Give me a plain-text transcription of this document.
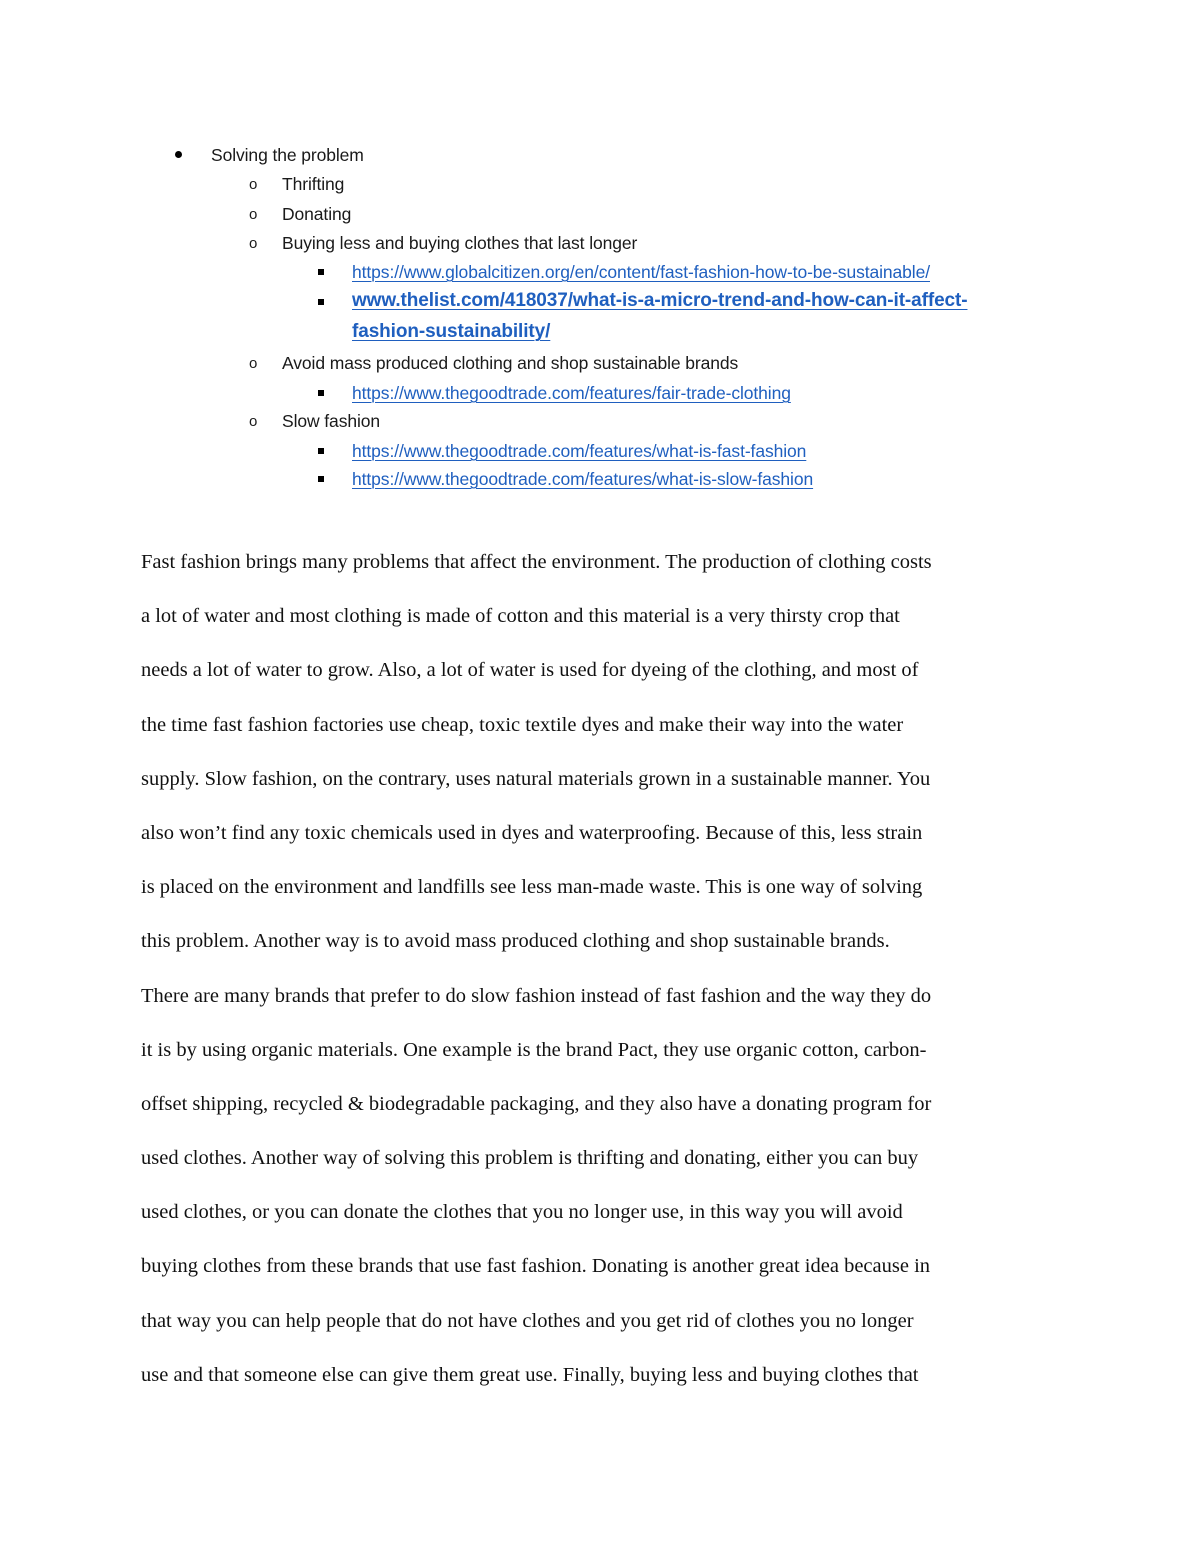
Solving the problem
o Thrifting
o Donating
o Buying less and buying clothes that last longer
https://www.globalcitizen.org/en/content/fast-fashion-how-to-be-sustainable/
www.thelist.com/418037/what-is-a-micro-trend-and-how-can-it-affect-
fashion-sustainability/
o Avoid mass produced clothing and shop sustainable brands
https://www.thegoodtrade.com/features/fair-trade-clothing
o Slow fashion
https://www.thegoodtrade.com/features/what-is-fast-fashion
https://www.thegoodtrade.com/features/what-is-slow-fashion
Fast fashion brings many problems that affect the environment. The production of clothing costs
a lot of water and most clothing is made of cotton and this material is a very thirsty crop that
needs a lot of water to grow. Also, a lot of water is used for dyeing of the clothing, and most of
the time fast fashion factories use cheap, toxic textile dyes and make their way into the water
supply. Slow fashion, on the contrary, uses natural materials grown in a sustainable manner. You
also won’t find any toxic chemicals used in dyes and waterproofing. Because of this, less strain
is placed on the environment and landfills see less man-made waste. This is one way of solving
this problem. Another way is to avoid mass produced clothing and shop sustainable brands.
There are many brands that prefer to do slow fashion instead of fast fashion and the way they do
it is by using organic materials. One example is the brand Pact, they use organic cotton, carbon-
offset shipping, recycled & biodegradable packaging, and they also have a donating program for
used clothes. Another way of solving this problem is thrifting and donating, either you can buy
used clothes, or you can donate the clothes that you no longer use, in this way you will avoid
buying clothes from these brands that use fast fashion. Donating is another great idea because in
that way you can help people that do not have clothes and you get rid of clothes you no longer
use and that someone else can give them great use. Finally, buying less and buying clothes that
